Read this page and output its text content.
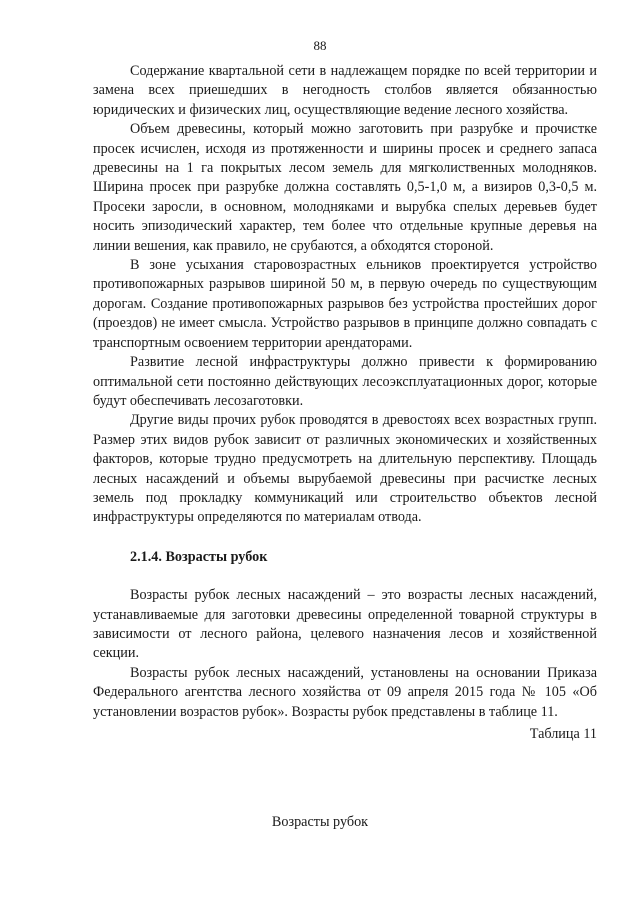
88

Содержание квартальной сети в надлежащем порядке по всей территории и замена всех приешедших в негодность столбов является обязанностью юридических и физических лиц, осуществляющие ведение лесного хозяйства.

Объем древесины, который можно заготовить при разрубке и прочистке просек исчислен, исходя из протяженности и ширины просек и среднего запаса древесины на 1 га покрытых лесом земель для мягколиственных молодняков. Ширина просек при разрубке должна составлять 0,5-1,0 м, а визиров 0,3-0,5 м. Просеки заросли, в основном, молодняками и вырубка спелых деревьев будет носить эпизодический характер, тем более что отдельные крупные деревья на линии вешения, как правило, не срубаются, а обходятся стороной.

В зоне усыхания старовозрастных ельников проектируется устройство противопожарных разрывов шириной 50 м, в первую очередь по существующим дорогам. Создание противопожарных разрывов без устройства простейших дорог (проездов) не имеет смысла. Устройство разрывов в принципе должно совпадать с транспортным освоением территории арендаторами.

Развитие лесной инфраструктуры должно привести к формированию оптимальной сети постоянно действующих лесоэксплуатационных дорог, которые будут обеспечивать лесозаготовки.

Другие виды прочих рубок проводятся в древостоях всех возрастных групп. Размер этих видов рубок зависит от различных экономических и хозяйственных факторов, которые трудно предусмотреть на длительную перспективу. Площадь лесных насаждений и объемы вырубаемой древесины при расчистке лесных земель под прокладку коммуникаций или строительство объектов лесной инфраструктуры определяются по материалам отвода.

2.1.4. Возрасты рубок

Возрасты рубок лесных насаждений – это возрасты лесных насаждений, устанавливаемые для заготовки древесины определенной товарной структуры в зависимости от лесного района, целевого назначения лесов и хозяйственной секции.

Возрасты рубок лесных насаждений, установлены на основании Приказа Федерального агентства лесного хозяйства от 09 апреля 2015 года № 105 «Об установлении возрастов рубок». Возрасты рубок представлены в таблице 11.

Таблица 11
Возрасты рубок
